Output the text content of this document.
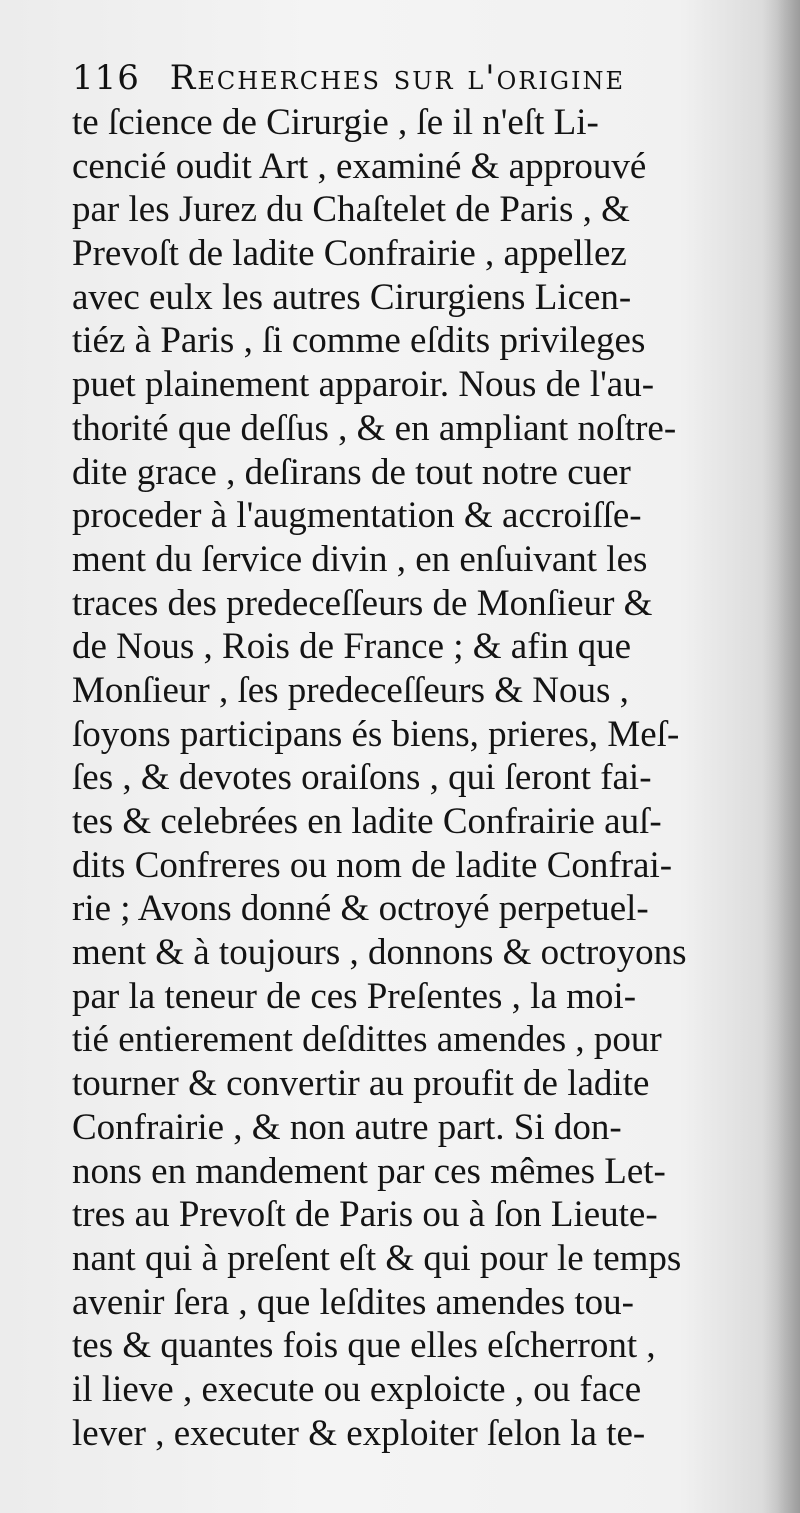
116 Recherches sur l'origine
te ſcience de Cirurgie , ſe il n'eſt Li-
cencié oudit Art , examiné & approuvé
par les Jurez du Chaſtelet de Paris , &
Prevoſt de ladite Confrairie , appellez
avec eulx les autres Cirurgiens Licen-
tiéz à Paris , ſi comme eſdits privileges
puet plainement apparoir. Nous de l'au-
thorité que deſſus , & en ampliant noſtre-
dite grace , deſirans de tout notre cuer
proceder à l'augmentation & accroiſſe-
ment du ſervice divin , en enſuivant les
traces des predeceſſeurs de Monſieur &
de Nous , Rois de France ; & afin que
Monſieur , ſes predeceſſeurs & Nous ,
ſoyons participans és biens, prieres, Meſ-
ſes , & devotes oraiſons , qui ſeront fai-
tes & celebrées en ladite Confrairie auſ-
dits Confreres ou nom de ladite Confrai-
rie ; Avons donné & octroyé perpetuel-
ment & à toujours , donnons & octroyons
par la teneur de ces Preſentes , la moi-
tié entierement deſdittes amendes , pour
tourner & convertir au proufit de ladite
Confrairie , & non autre part. Si don-
nons en mandement par ces mêmes Let-
tres au Prevoſt de Paris ou à ſon Lieute-
nant qui à preſent eſt & qui pour le temps
avenir ſera , que leſdites amendes tou-
tes & quantes fois que elles eſcherront ,
il lieve , execute ou exploicte , ou face
lever , executer & exploiter ſelon la te-
